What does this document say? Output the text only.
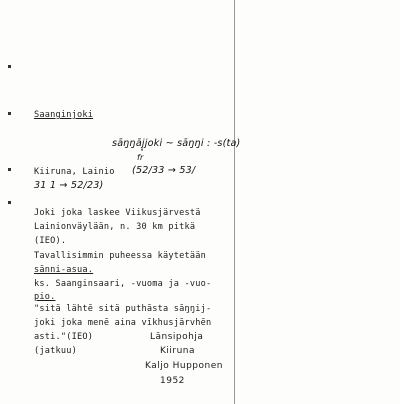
Saanginjoki
sāŋŋāj̥joki ~ sāŋŋi : -s(ta)
fr
Kiiruna, Lainio (52/33 → 53/
31 1 → 52/23)
Joki joka laskee Viikusjärvestä
Lainionväylään, n. 30 km pitkä
(IEO).
Tavallisimmin puheessa käytetään
sānni-asua.
ks. Saanginsaari, -vuoma ja -vuo-
pio.
"sitä lähtē sitä puthāsta sāŋŋij-
joki joka menē aina vīkhusjārvhēn
asti."(IEO)	Lānsipohja
(jatkuu)	Kiiruna
Kaljo Hupponen
1952
